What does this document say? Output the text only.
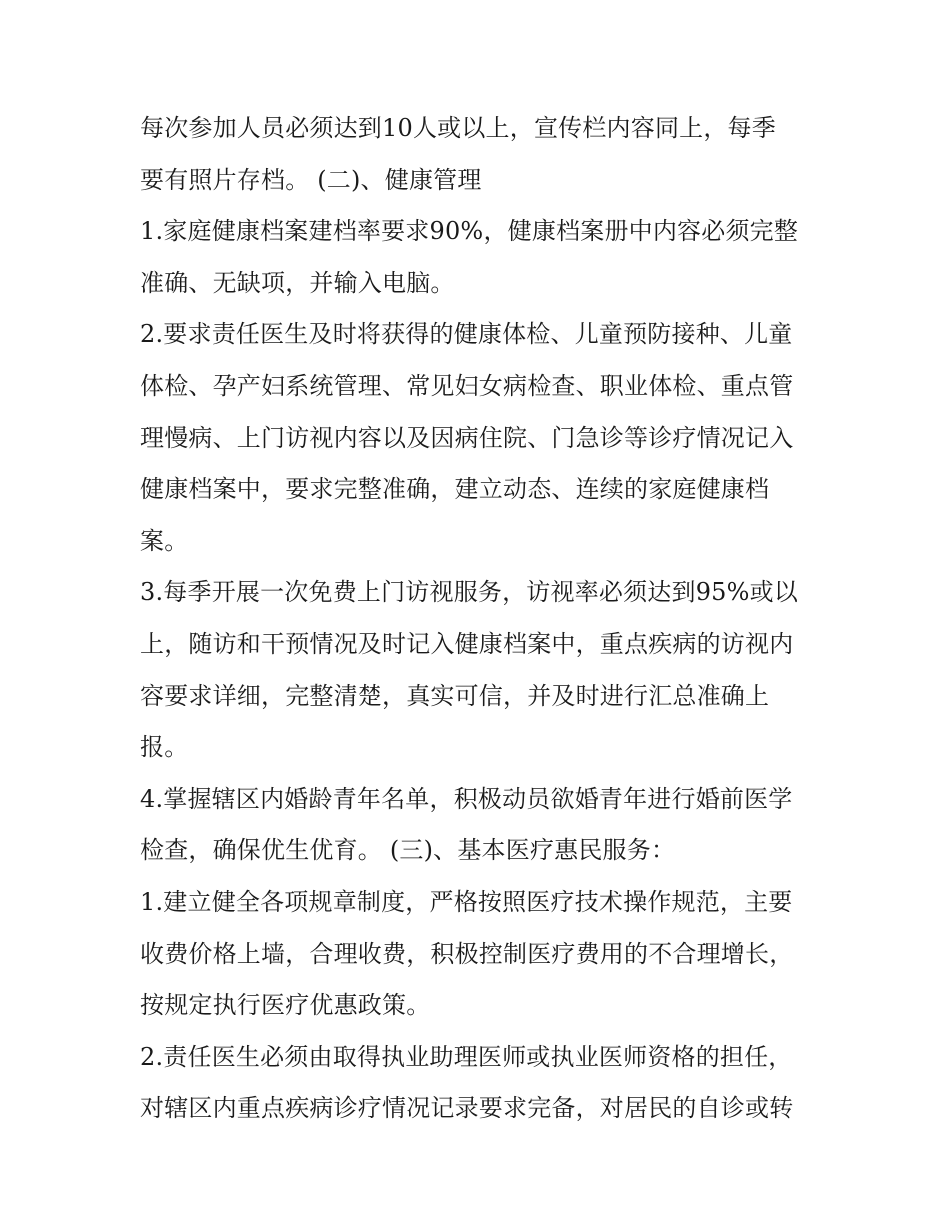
每次参加人员必须达到10人或以上，宣传栏内容同上，每季
要有照片存档。 (二)、健康管理
1.家庭健康档案建档率要求90%，健康档案册中内容必须完整
准确、无缺项，并输入电脑。
2.要求责任医生及时将获得的健康体检、儿童预防接种、儿童
体检、孕产妇系统管理、常见妇女病检查、职业体检、重点管
理慢病、上门访视内容以及因病住院、门急诊等诊疗情况记入
健康档案中，要求完整准确，建立动态、连续的家庭健康档
案。
3.每季开展一次免费上门访视服务，访视率必须达到95%或以
上，随访和干预情况及时记入健康档案中，重点疾病的访视内
容要求详细，完整清楚，真实可信，并及时进行汇总准确上
报。
4.掌握辖区内婚龄青年名单，积极动员欲婚青年进行婚前医学
检查，确保优生优育。 (三)、基本医疗惠民服务：
1.建立健全各项规章制度，严格按照医疗技术操作规范，主要
收费价格上墙，合理收费，积极控制医疗费用的不合理增长，
按规定执行医疗优惠政策。
2.责任医生必须由取得执业助理医师或执业医师资格的担任，
对辖区内重点疾病诊疗情况记录要求完备，对居民的自诊或转
